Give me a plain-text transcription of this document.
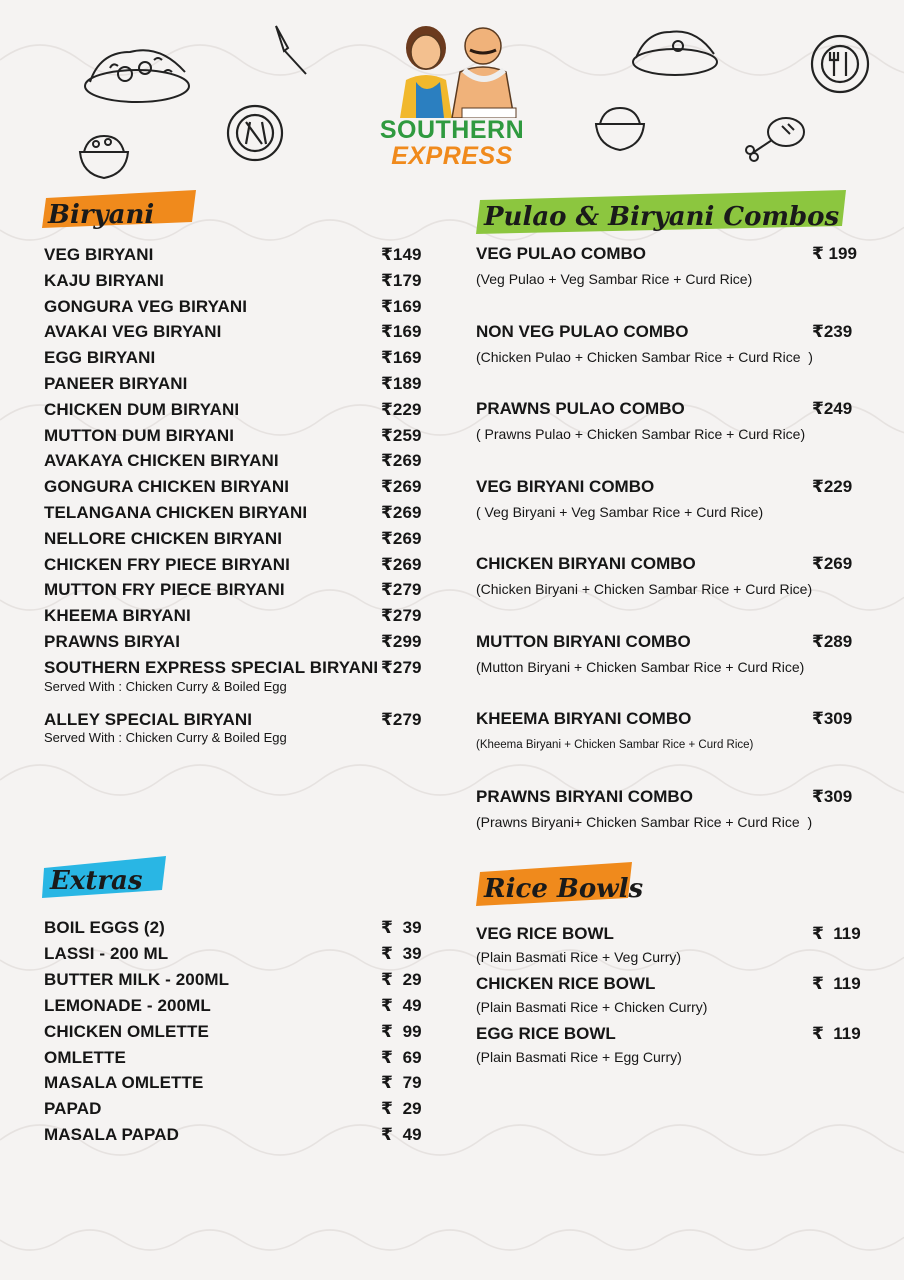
SOUTHERN
EXPRESS
Biryani
VEG BIRYANI	₹149
KAJU BIRYANI	₹179
GONGURA VEG BIRYANI	₹169
AVAKAI VEG BIRYANI	₹169
EGG BIRYANI	₹169
PANEER BIRYANI	₹189
CHICKEN DUM BIRYANI	₹229
MUTTON DUM BIRYANI	₹259
AVAKAYA CHICKEN BIRYANI	₹269
GONGURA CHICKEN BIRYANI	₹269
TELANGANA CHICKEN BIRYANI	₹269
NELLORE CHICKEN BIRYANI	₹269
CHICKEN FRY PIECE BIRYANI	₹269
MUTTON FRY PIECE BIRYANI	₹279
KHEEMA BIRYANI	₹279
PRAWNS BIRYAI	₹299
SOUTHERN EXPRESS SPECIAL BIRYANI ₹279
Served With : Chicken Curry & Boiled Egg
ALLEY SPECIAL BIRYANI	₹279
Served With : Chicken Curry & Boiled Egg
Extras
BOIL EGGS (2)	₹  39
LASSI - 200 ML	₹  39
BUTTER MILK - 200ML	₹  29
LEMONADE - 200ML	₹  49
CHICKEN OMLETTE	₹  99
OMLETTE	₹  69
MASALA OMLETTE	₹  79
PAPAD	₹  29
MASALA PAPAD	₹  49
Pulao & Biryani Combos
VEG PULAO COMBO	₹ 199
(Veg Pulao + Veg Sambar Rice + Curd Rice)
NON VEG PULAO COMBO	₹239
(Chicken Pulao + Chicken Sambar Rice + Curd Rice  )
PRAWNS PULAO COMBO	₹249
( Prawns Pulao + Chicken Sambar Rice + Curd Rice)
VEG BIRYANI COMBO	₹229
( Veg Biryani + Veg Sambar Rice + Curd Rice)
CHICKEN BIRYANI COMBO	₹269
(Chicken Biryani + Chicken Sambar Rice + Curd Rice)
MUTTON BIRYANI COMBO	₹289
(Mutton Biryani + Chicken Sambar Rice + Curd Rice)
KHEEMA BIRYANI COMBO	₹309
(Kheema Biryani + Chicken Sambar Rice + Curd Rice)
PRAWNS BIRYANI COMBO	₹309
(Prawns Biryani+ Chicken Sambar Rice + Curd Rice  )
Rice Bowls
VEG RICE BOWL	₹  119
(Plain Basmati Rice + Veg Curry)
CHICKEN RICE BOWL	₹  119
(Plain Basmati Rice + Chicken Curry)
EGG RICE BOWL	₹  119
(Plain Basmati Rice + Egg Curry)
